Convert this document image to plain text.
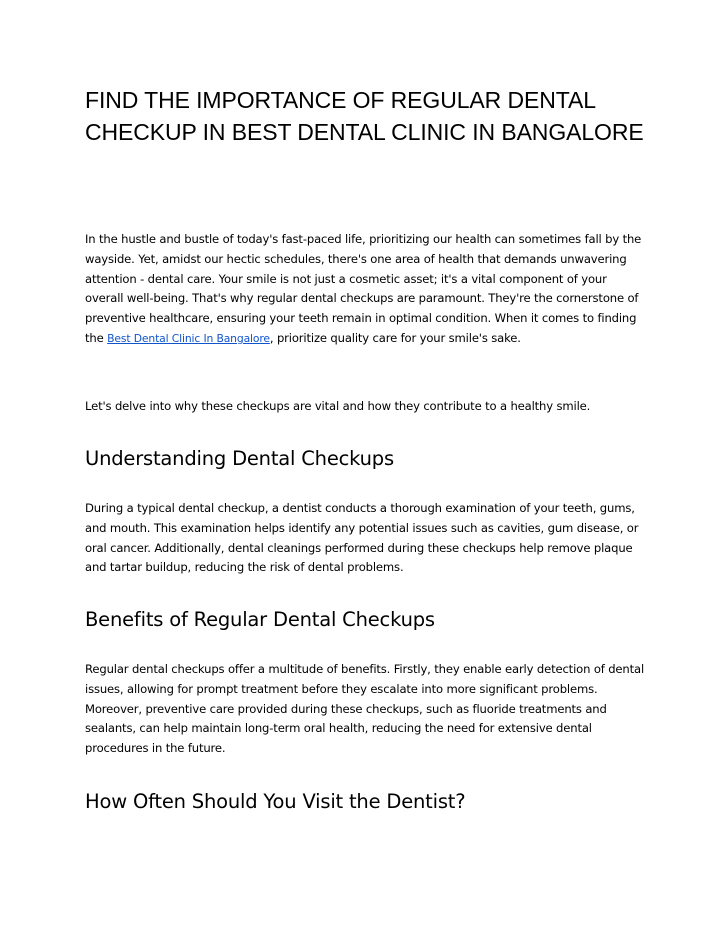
FIND THE IMPORTANCE OF REGULAR DENTAL CHECKUP IN BEST DENTAL CLINIC IN BANGALORE

In the hustle and bustle of today's fast-paced life, prioritizing our health can sometimes fall by the wayside. Yet, amidst our hectic schedules, there's one area of health that demands unwavering attention - dental care. Your smile is not just a cosmetic asset; it's a vital component of your overall well-being. That's why regular dental checkups are paramount. They're the cornerstone of preventive healthcare, ensuring your teeth remain in optimal condition. When it comes to finding the Best Dental Clinic In Bangalore, prioritize quality care for your smile's sake.

Let's delve into why these checkups are vital and how they contribute to a healthy smile.

Understanding Dental Checkups

During a typical dental checkup, a dentist conducts a thorough examination of your teeth, gums, and mouth. This examination helps identify any potential issues such as cavities, gum disease, or oral cancer. Additionally, dental cleanings performed during these checkups help remove plaque and tartar buildup, reducing the risk of dental problems.

Benefits of Regular Dental Checkups

Regular dental checkups offer a multitude of benefits. Firstly, they enable early detection of dental issues, allowing for prompt treatment before they escalate into more significant problems. Moreover, preventive care provided during these checkups, such as fluoride treatments and sealants, can help maintain long-term oral health, reducing the need for extensive dental procedures in the future.

How Often Should You Visit the Dentist?
